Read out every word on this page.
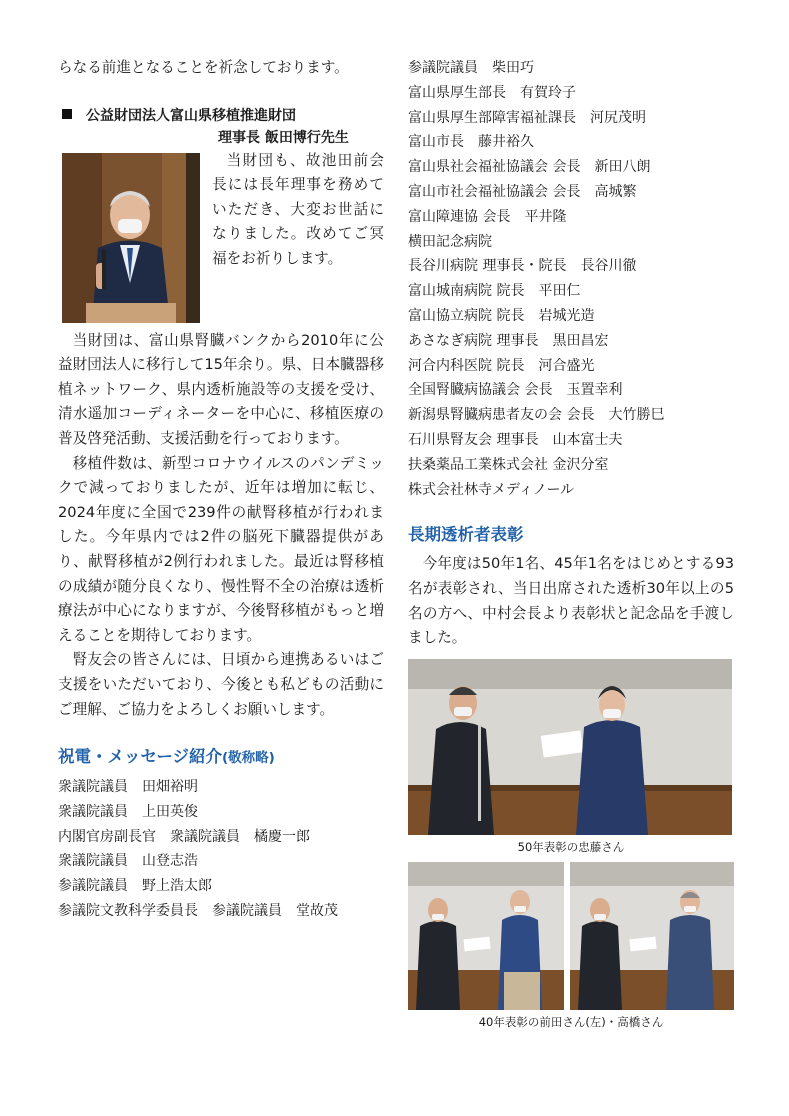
らなる前進となることを祈念しております。

公益財団法人富山県移植推進財団
理事長 飯田博行先生

当財団も、故池田前会長には長年理事を務めていただき、大変お世話になりました。改めてご冥福をお祈りします。

当財団は、富山県腎臓バンクから2010年に公益財団法人に移行して15年余り。県、日本臓器移植ネットワーク、県内透析施設等の支援を受け、清水遥加コーディネーターを中心に、移植医療の普及啓発活動、支援活動を行っております。

移植件数は、新型コロナウイルスのパンデミックで減っておりましたが、近年は増加に転じ、2024年度に全国で239件の献腎移植が行われました。今年県内では2件の脳死下臓器提供があり、献腎移植が2例行われました。最近は腎移植の成績が随分良くなり、慢性腎不全の治療は透析療法が中心になりますが、今後腎移植がもっと増えることを期待しております。

腎友会の皆さんには、日頃から連携あるいはご支援をいただいており、今後とも私どもの活動にご理解、ご協力をよろしくお願いします。

祝電・メッセージ紹介(敬称略)
衆議院議員　田畑裕明
衆議院議員　上田英俊
内閣官房副長官　衆議院議員　橘慶一郎
衆議院議員　山登志浩
参議院議員　野上浩太郎
参議院文教科学委員長　参議院議員　堂故茂
参議院議員　柴田巧
富山県厚生部長　有賀玲子
富山県厚生部障害福祉課長　河尻茂明
富山市長　藤井裕久
富山県社会福祉協議会 会長　新田八朗
富山市社会福祉協議会 会長　高城繁
富山障連協 会長　平井隆
横田記念病院
長谷川病院 理事長・院長　長谷川徹
富山城南病院 院長　平田仁
富山協立病院 院長　岩城光造
あさなぎ病院 理事長　黒田昌宏
河合内科医院 院長　河合盛光
全国腎臓病協議会 会長　玉置幸利
新潟県腎臓病患者友の会 会長　大竹勝巳
石川県腎友会 理事長　山本富士夫
扶桑薬品工業株式会社 金沢分室
株式会社林寺メディノール
長期透析者表彰

今年度は50年1名、45年1名をはじめとする93名が表彰され、当日出席された透析30年以上の5名の方へ、中村会長より表彰状と記念品を手渡しました。

50年表彰の忠藤さん

40年表彰の前田さん(左)・高橋さん
